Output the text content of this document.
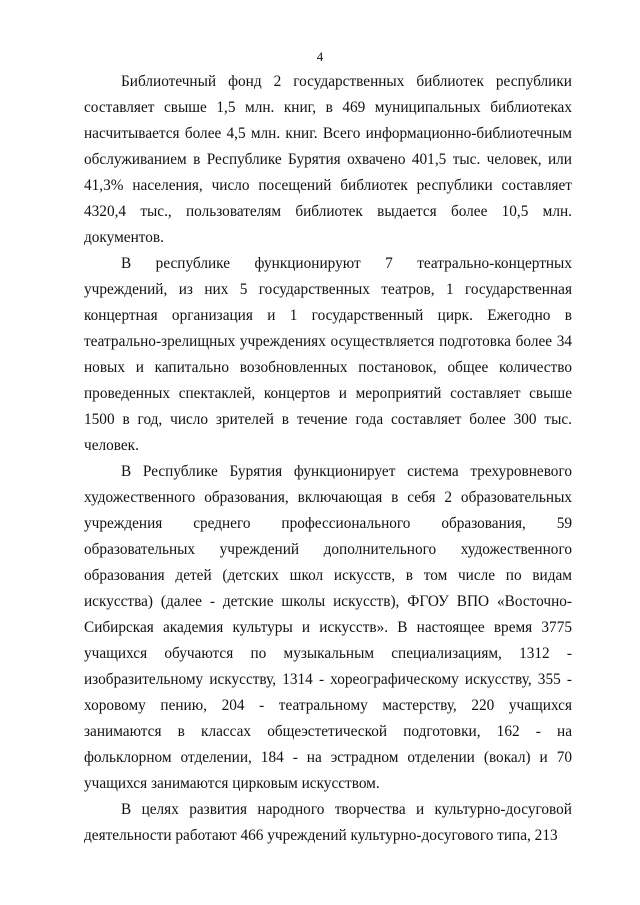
4

Библиотечный фонд 2 государственных библиотек республики составляет свыше 1,5 млн. книг, в 469 муниципальных библиотеках насчитывается более 4,5 млн. книг. Всего информационно-библиотечным обслуживанием в Республике Бурятия охвачено 401,5 тыс. человек, или 41,3% населения, число посещений библиотек республики составляет 4320,4 тыс., пользователям библиотек выдается более 10,5 млн. документов.

В республике функционируют 7 театрально-концертных учреждений, из них 5 государственных театров, 1 государственная концертная организация и 1 государственный цирк. Ежегодно в театрально-зрелищных учреждениях осуществляется подготовка более 34 новых и капитально возобновленных постановок, общее количество проведенных спектаклей, концертов и мероприятий составляет свыше 1500 в год, число зрителей в течение года составляет более 300 тыс. человек.

В Республике Бурятия функционирует система трехуровневого художественного образования, включающая в себя 2 образовательных учреждения среднего профессионального образования, 59 образовательных учреждений дополнительного художественного образования детей (детских школ искусств, в том числе по видам искусства) (далее - детские школы искусств), ФГОУ ВПО «Восточно-Сибирская академия культуры и искусств». В настоящее время 3775 учащихся обучаются по музыкальным специализациям, 1312 - изобразительному искусству, 1314 - хореографическому искусству, 355 - хоровому пению, 204 - театральному мастерству, 220 учащихся занимаются в классах общеэстетической подготовки, 162 - на фольклорном отделении, 184 - на эстрадном отделении (вокал) и 70 учащихся занимаются цирковым искусством.

В целях развития народного творчества и культурно-досуговой деятельности работают 466 учреждений культурно-досугового типа, 213
